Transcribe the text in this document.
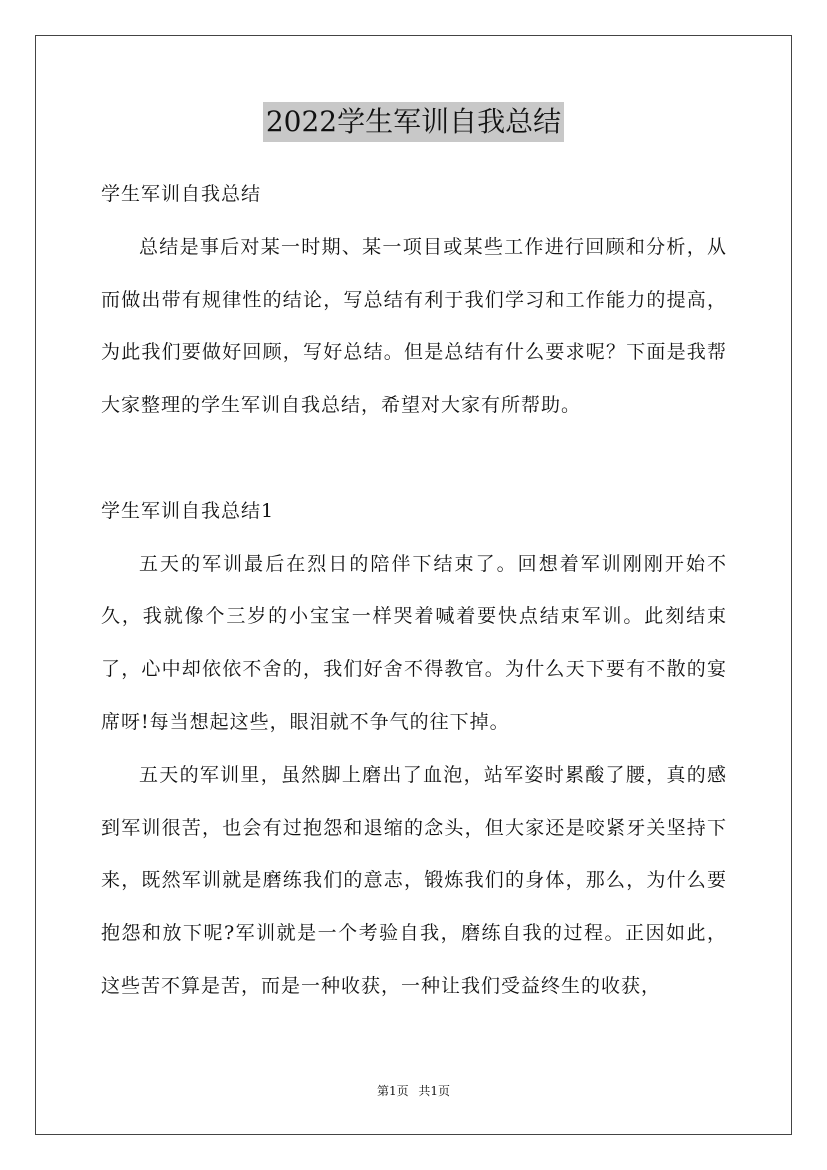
2022学生军训自我总结

学生军训自我总结

总结是事后对某一时期、某一项目或某些工作进行回顾和分析，从而做出带有规律性的结论，写总结有利于我们学习和工作能力的提高，为此我们要做好回顾，写好总结。但是总结有什么要求呢？下面是我帮大家整理的学生军训自我总结，希望对大家有所帮助。

学生军训自我总结1

五天的军训最后在烈日的陪伴下结束了。回想着军训刚刚开始不久，我就像个三岁的小宝宝一样哭着喊着要快点结束军训。此刻结束了，心中却依依不舍的，我们好舍不得教官。为什么天下要有不散的宴席呀!每当想起这些，眼泪就不争气的往下掉。

五天的军训里，虽然脚上磨出了血泡，站军姿时累酸了腰，真的感到军训很苦，也会有过抱怨和退缩的念头，但大家还是咬紧牙关坚持下来，既然军训就是磨练我们的意志，锻炼我们的身体，那么，为什么要抱怨和放下呢?军训就是一个考验自我，磨练自我的过程。正因如此，这些苦不算是苦，而是一种收获，一种让我们受益终生的收获，

第1页 共1页
